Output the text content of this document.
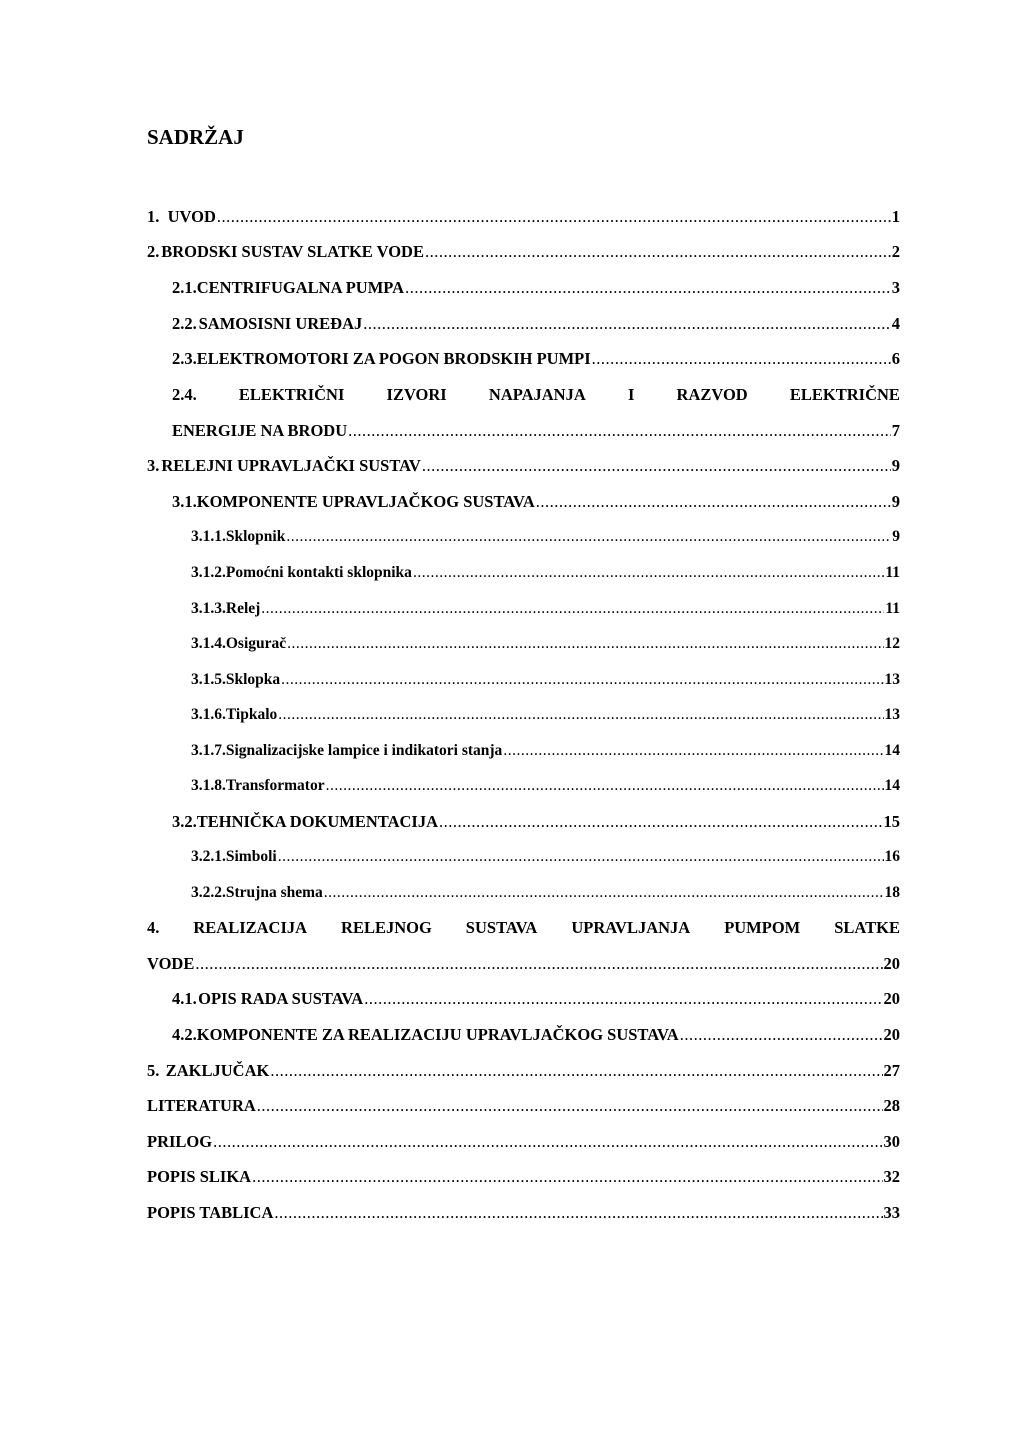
SADRŽAJ
1. UVOD .....	1
2. BRODSKI SUSTAV SLATKE VODE .....	2
2.1. CENTRIFUGALNA PUMPA .....	3
2.2. SAMOSISNI UREĐAJ .....	4
2.3. ELEKTROMOTORI ZA POGON BRODSKIH PUMPI .....	6
2.4.	ELEKTRIČNI	IZVORI	NAPAJANJA	I	RAZVOD	ELEKTRIČNE
ENERGIJE NA BRODU .....	7
3. RELEJNI UPRAVLJAČKI SUSTAV .....	9
3.1. KOMPONENTE UPRAVLJAČKOG SUSTAVA .....	9
3.1.1. Sklopnik .....	9
3.1.2. Pomoćni kontakti sklopnika .....	11
3.1.3. Relej .....	11
3.1.4. Osigurač .....	12
3.1.5. Sklopka .....	13
3.1.6. Tipkalo .....	13
3.1.7. Signalizacijske lampice i indikatori stanja .....	14
3.1.8. Transformator .....	14
3.2. TEHNIČKA DOKUMENTACIJA .....	15
3.2.1. Simboli .....	16
3.2.2. Strujna shema .....	18
4. REALIZACIJA RELEJNOG SUSTAVA UPRAVLJANJA PUMPOM SLATKE
VODE .....	20
4.1. OPIS RADA SUSTAVA .....	20
4.2. KOMPONENTE ZA REALIZACIJU UPRAVLJAČKOG SUSTAVA .....	20
5. ZAKLJUČAK .....	27
LITERATURA .....	28
PRILOG .....	30
POPIS SLIKA .....	32
POPIS TABLICA .....	33
